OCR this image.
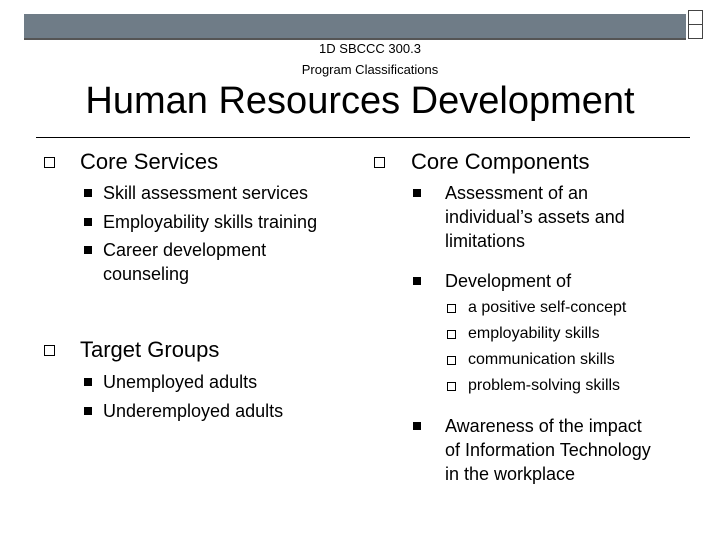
1D SBCCC 300.3
Program Classifications
Human Resources Development
Core Services
Skill assessment services
Employability skills training
Career development
counseling
Target Groups
Unemployed adults
Underemployed adults
Core Components
Assessment of an
individual’s assets and
limitations
Development of
a positive self-concept
employability skills
communication skills
problem-solving skills
Awareness of the impact
of Information Technology
in the workplace
